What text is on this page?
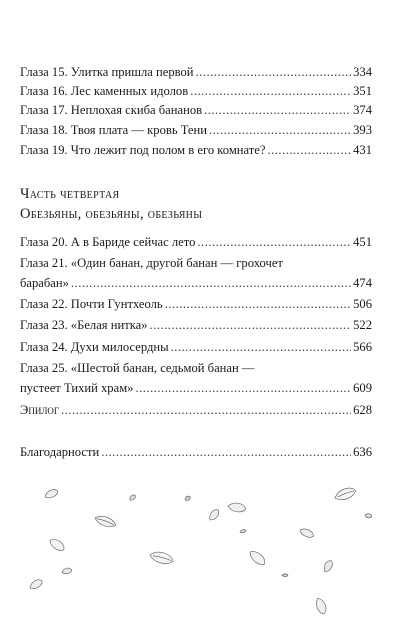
Глаза 15. Улитка пришла первой .....	334
Глаза 16. Лес каменных идолов .....	351
Глаза 17. Неплохая скиба бананов .....	374
Глаза 18. Твоя плата — кровь Тени .....	393
Глаза 19. Что лежит под полом в его комнате? .....	431
Часть четвертая
Обезьяны, обезьяны, обезьяны
Глаза 20. А в Бариде сейчас лето .....	451
Глаза 21. «Один банан, другой банан — грохочет
барабан» .....	474
Глаза 22. Почти Гунтхеоль .....	506
Глаза 23. «Белая нитка» .....	522
Глаза 24. Духи милосердны .....	566
Глаза 25. «Шестой банан, седьмой банан —
пустеет Тихий храм» .....	609
Эпилог .....	628
Благодарности .....	636
